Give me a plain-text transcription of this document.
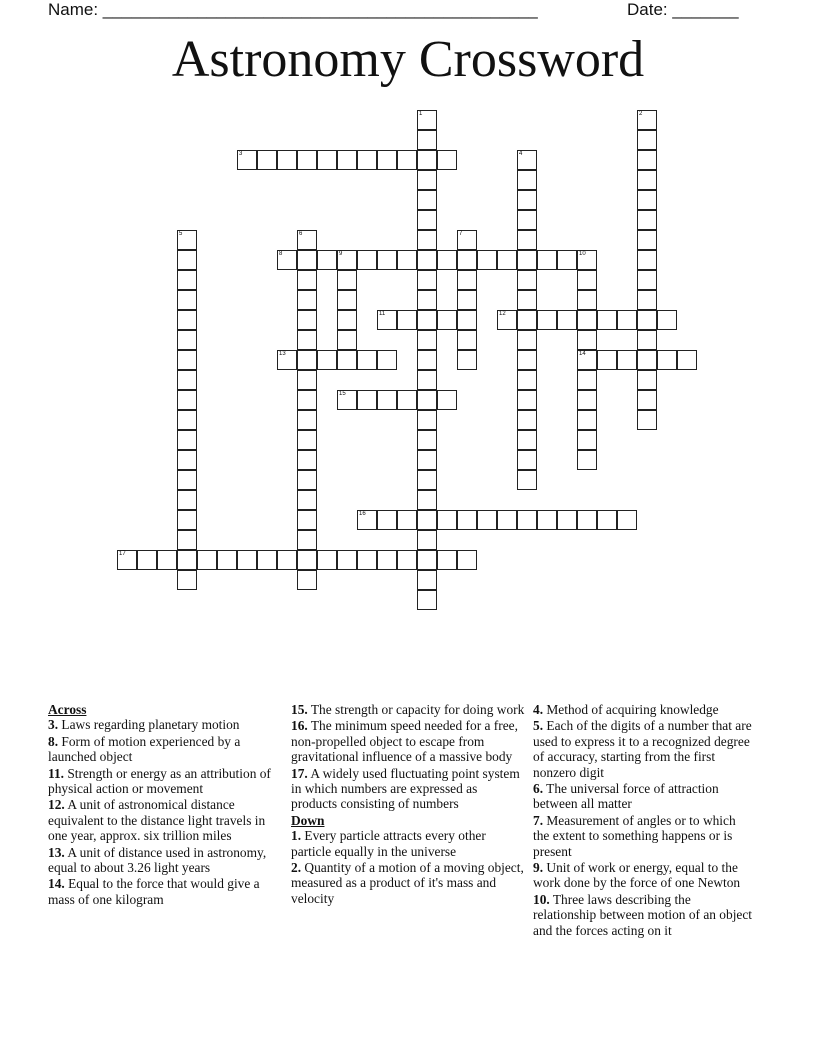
Name: ______________________________________________	Date: _______
Astronomy Crossword
1	2
3	4
5	6	7
8	9	10
14
11	12
13
15
16
17
Across
3. Laws regarding planetary motion
8. Form of motion experienced by a launched object
11. Strength or energy as an attribution of physical action or movement
12. A unit of astronomical distance equivalent to the distance light travels in one year, approx. six trillion miles
13. A unit of distance used in astronomy, equal to about 3.26 light years
14. Equal to the force that would give a mass of one kilogram
15. The strength or capacity for doing work
16. The minimum speed needed for a free, non-propelled object to escape from gravitational influence of a massive body
17. A widely used fluctuating point system in which numbers are expressed as products consisting of numbers
Down
1. Every particle attracts every other particle equally in the universe
2. Quantity of a motion of a moving object, measured as a product of it's mass and velocity
4. Method of acquiring knowledge
5. Each of the digits of a number that are used to express it to a recognized degree of accuracy, starting from the first nonzero digit
6. The universal force of attraction between all matter
7. Measurement of angles or to which the extent to something happens or is present
9. Unit of work or energy, equal to the work done by the force of one Newton
10. Three laws describing the relationship between motion of an object and the forces acting on it
